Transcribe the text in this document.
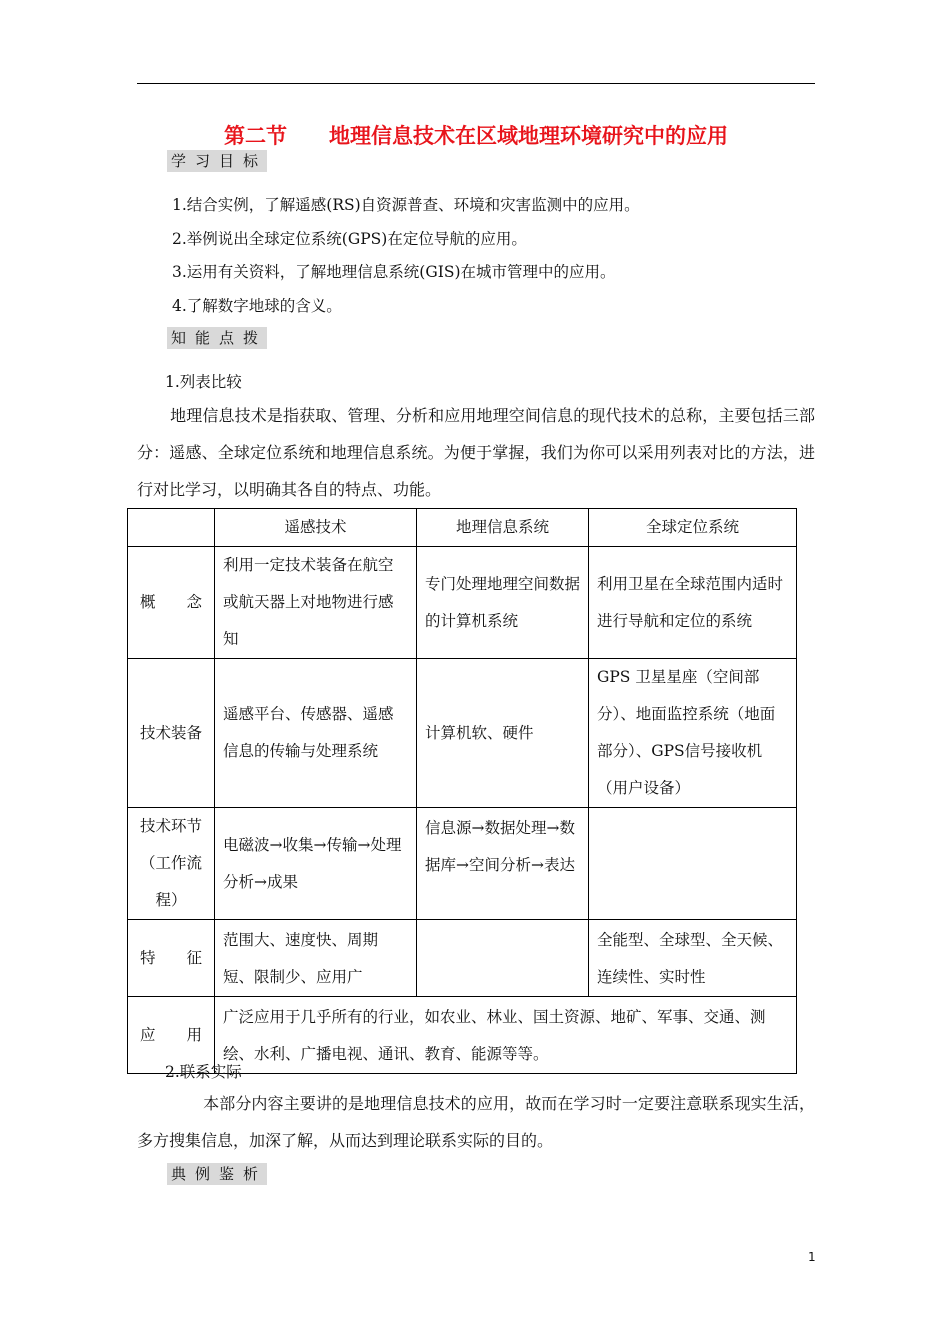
第二节　　地理信息技术在区域地理环境研究中的应用
学习目标
1.结合实例，了解遥感(RS)自资源普查、环境和灾害监测中的应用。
2.举例说出全球定位系统(GPS)在定位导航的应用。
3.运用有关资料，了解地理信息系统(GIS)在城市管理中的应用。
4.了解数字地球的含义。
知能点拨
1.列表比较
地理信息技术是指获取、管理、分析和应用地理空间信息的现代技术的总称，主要包括三部分：遥感、全球定位系统和地理信息系统。为便于掌握，我们为你可以采用列表对比的方法，进行对比学习，以明确其各自的特点、功能。
	遥感技术	地理信息系统	全球定位系统
概　　念	利用一定技术装备在航空或航天器上对地物进行感知	专门处理地理空间数据的计算机系统	利用卫星在全球范围内适时进行导航和定位的系统
技术装备	遥感平台、传感器、遥感信息的传输与处理系统	计算机软、硬件	GPS 卫星星座（空间部分）、地面监控系统（地面部分）、GPS信号接收机（用户设备）
技术环节（工作流程）	电磁波→收集→传输→处理分析→成果	信息源→数据处理→数据库→空间分析→表达	
特　　征	范围大、速度快、周期短、限制少、应用广		全能型、全球型、全天候、连续性、实时性
应　　用	广泛应用于几乎所有的行业，如农业、林业、国土资源、地矿、军事、交通、测绘、水利、广播电视、通讯、教育、能源等等。		
2.联系实际
本部分内容主要讲的是地理信息技术的应用，故而在学习时一定要注意联系现实生活，多方搜集信息，加深了解，从而达到理论联系实际的目的。
典例鉴析
1
